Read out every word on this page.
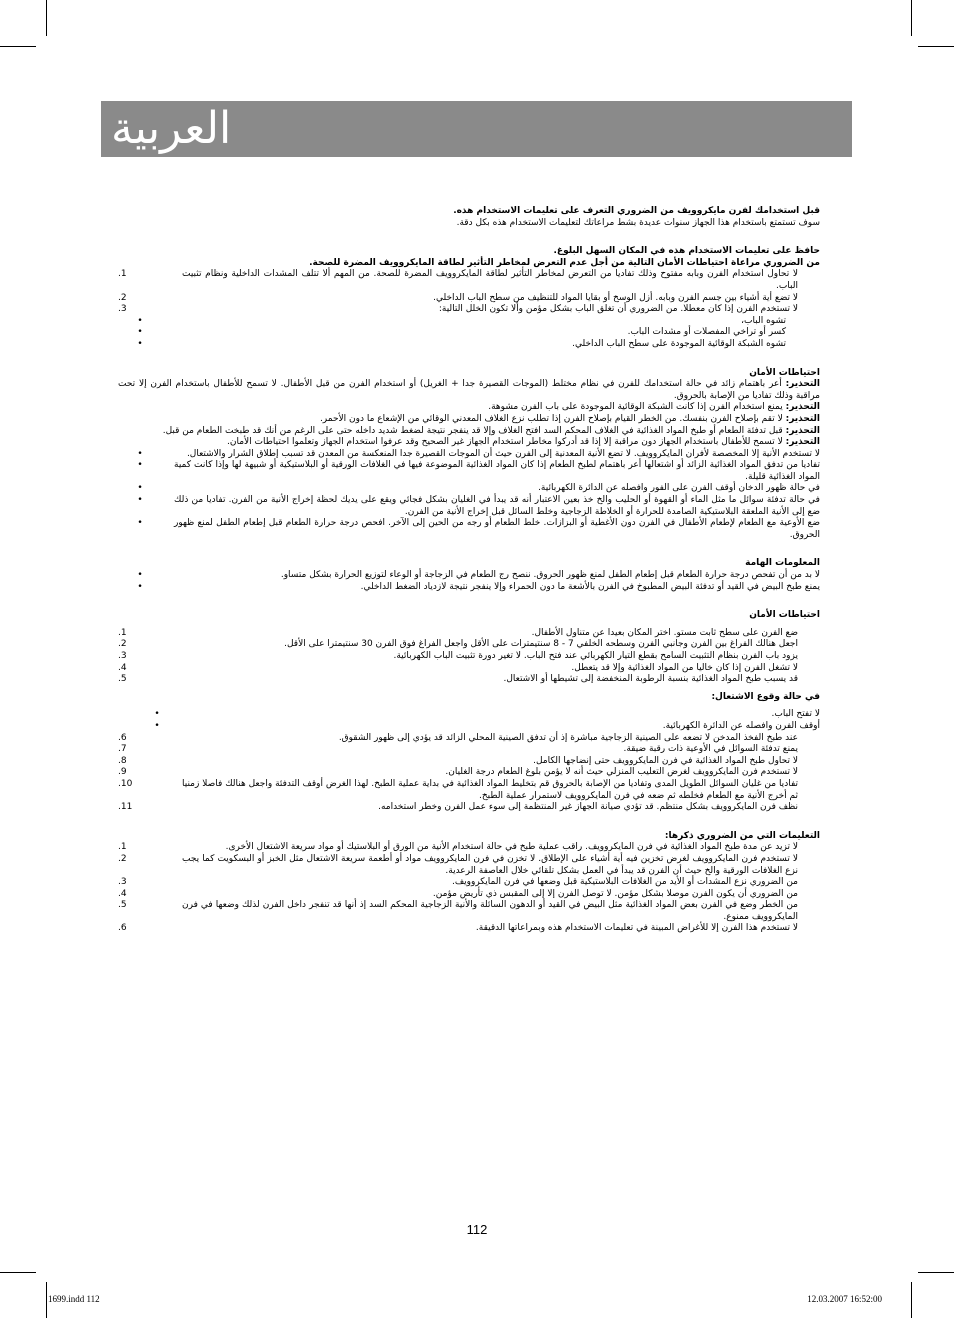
العربية

قبل استخدامك لفرن مايكروويف من الضروري التعرف على تعليمات الاستخدام هذه.

سوف تستمتع باستخدام هذا الجهاز سنوات عديدة بشط مراعاتك لتعليمات الاستخدام هذه بكل دقة.

حافظ على تعليمات الاستخدام هذه في المكان السهل البلوغ.

من الضروري مراعاة احتياطات الأمان التالية من أجل عدم التعرض لمخاطر التأثير لطاقة المايكروويف المضرة للصحة.

.1	لا تحاول استخدام الفرن وبابه مفتوح وذلك تفاديا من التعرض لمخاطر التأثير لطاقة المايكروويف المضرة للصحة. من المهم ألا تتلف المشدات الداخلية ونظام تثبيت الباب.
.2	لا تضع أية أشياء بين جسم الفرن وبابه. أزل الوسخ أو بقايا المواد للتنظيف من سطح الباب الداخلي.
.3	لا تستخدم الفرن إذا كان معطلا. من الضروري أن تغلق الباب بشكل مؤمن وألا تكون الخلل التالية:
تشوه الباب،
•
كسر أو تراخي المفصلات أو مشدات الباب.
•
تشوه الشبكة الوقائية الموجودة على سطح الباب الداخلي.
•

احتياطات الأمان

التحذير: أعر باهتمام زائد في حالة استخدامك للفرن في نظام مختلط (الموجات القصيرة جدا + الغريل) أو استخدام الفرن من قبل الأطفال. لا تسمح للأطفال باستخدام الفرن إلا تحت مراقبة وذلك تفاديا من الإصابة بالحروق.

التحذير: يمنع استخدام الفرن إذا كانت الشبكة الوقائية الموجودة على باب الفرن مشوهة.

التحذير: لا تقم بإصلاح الفرن بنفسك. من الخطر القيام بإصلاح الفرن إذا تطلب نزع الغلاف المعدني الوقائي من الإشعاع ما دون الأحمر.

التحذير: قبل تدفئة الطعام أو طبخ المواد الغذائية في الغلاف المحكم السد افتح الغلاف وإلا قد ينفجر نتيجة لضغط شديد داخله حتى على الرغم من أنك قد طبخت الطعام من قبل.

التحذير: لا تسمح للأطفال باستخدام الجهاز دون مراقبة إلا إذا قد أدركوا مخاطر استخدام الجهاز غير الصحيح وقد عرفوا استخدام الجهاز وتعلموا احتياطات الأمان.

لا تستخدم الأنية إلا المخصصة لأفران المايكروويف. لا تضع الأنية المعدنية إلى الفرن حيث أن الموجات القصيرة جدا المنعكسة من المعدن قد تسبب إطلاق الشرار والاشتعال.
•
تفاديا من تدفق المواد الغذائية الزائد أو اشتعالها أعر باهتمام لطبخ الطعام إذا كان المواد الغذائية الموضوعة فيها في الغلافات الورقية أو البلاستيكية أو شبيهة لها وإذا كانت كمية المواد الغذائية قليلة.
•
في حالة ظهور الدخان أوقف الفرن على الفور وافصله عن الدائرة الكهربائية.
•
في حالة تدفئة سوائل ما مثل الماء أو القهوة أو الحليب والخ خذ بعين الاعتبار أنه قد يبدأ في الغليان بشكل فجائي ويقع على يديك لحظة إخراج الأنية من الفرن. تفاديا من ذلك ضع إلى الأنية الملعقة البلاستيكية الصامدة للحرارة أو الخلاطة الزجاجية وخلط السائل قبل إخراج الأنية من الفرن.
•
ضع الأوعية مع الطعام لإطعام الأطفال في الفرن دون الأغطية أو البزازات. خلط الطعام أو رجه من الحين إلى الآخر. افحص درجة حرارة الطعام قبل إطعام الطفل لمنع ظهور الحروق.
•

المعلومات الهامة

لا بد من أن تفحص درجة حرارة الطعام قبل إطعام الطفل لمنع ظهور الحروق. ننصح رج الطعام في الزجاجة أو الوعاء لتوزيع الحرارة بشكل متساو.
•
يمنع طبخ البيض في القيد أو تدفئة البيض المطبوخ في الفرن بالأشعة ما دون الحمراء وإلا ينفجر نتيجة لازدياد الضغط الداخلي.
•

احتياطات الأمان

.1	ضع الفرن على سطح ثابت مستو. اختر المكان بعيدا عن متناول الأطفال.
.2	اجعل هنالك الفراغ بين الفرن وجانبي الفرن وسطحه الخلفي 7 - 8 سنتيمترات على الأقل واجعل الفراغ فوق الفرن 30 سنتيمترا على الأقل.
.3	يزود باب الفرن بنظام التثبيت السامح بقطع التيار الكهربائي عند فتح الباب. لا تغير دورة تثبيت الباب الكهربائية.
.4	لا تشغل الفرن إذا كان خاليا من المواد الغذائية وإلا قد يتعطل.
.5	قد يسبب طبخ المواد الغذائية بنسبة الرطوبة المنخفضة إلى تشيطها أو الاشتعال.

في حالة وقوع الاشتعال:

لا تفتح الباب.
•
أوقف الفرن وافصله عن الدائرة الكهربائية.
•
.6	عند طبخ الفخذ المدخن لا تضعه على الصينية الزجاجية مباشرة إذ أن تدفق الصينية المحلي الزائد قد يؤدي إلى ظهور الشقوق.
.7	يمنع تدفئة السوائل في الأوعية ذات رقبة ضيقة.
.8	لا تحاول طبخ المواد الغذائية في فرن المايكروويف حتى إنضاجها الكامل.
.9	لا تستخدم فرن المايكروويف لغرض التعليب المنزلي حيث أنه لا يؤمن بلوغ الطعام درجة الغليان.
.10	تفاديا من غليان السوائل الطويل المدى وتفاديا من الإصابة بالحروق قم بتخليط المواد الغذائية في بداية عملية الطبخ. لهذا الغرض أوقف التدفئة واجعل هنالك فاصلا زمنيا ثم أخرج الأنية مع الطعام فخلطه ثم ضعه في فرن المايكروويف لاستمرار عملية الطبخ.
.11	نظف فرن المايكروويف بشكل منتظم. قد تؤدي صيانة الجهاز غير المنتظمة إلى سوء عمل الفرن وخطر استخدامه.

التعليمات التي من الضروري ذكرها:

.1	لا تزيد عن مدة طبخ المواد الغذائية في فرن المايكروويف. راقب عملية طبخ في حالة استخدام الأنية من الورق أو البلاستيك أو مواد سريعة الاشتعال الأخرى.
.2	لا تستخدم فرن المايكروويف لغرض تخزين فيه أية أشياء على الإطلاق. لا تخزن في فرن المايكروويف مواد أو أطعمة سريعة الاشتعال مثل الخبز أو البسكويت كما يجب نزع الغلافات الورقية والخ حيث أن الفرن قد يبدأ في العمل بشكل تلقائي خلال العاصفة الرعدية.
.3	من الضروري نزع المشدات أو الأيد من الغلافات البلاستيكية قبل وضعها في فرن المايكروويف.
.4	من الضروري أن يكون الفرن موصلا بشكل مؤمن. لا توصل الفرن إلا إلى المقبس ذي تأريض مؤمن.
.5	من الخطر وضع في الفرن بعض المواد الغذائية مثل البيض في القيد أو الدهون السائلة والأنية الزجاجية المحكم السد إذ أنها قد تنفجر داخل الفرن لذلك وضعها في فرن المايكروويف ممنوع.
.6	لا تستخدم هذا الفرن إلا للأغراض المبينة في تعليمات الاستخدام هذه وبمراعاتها الدقيقة.
112
1699.indd 112	12.03.2007 16:52:00
